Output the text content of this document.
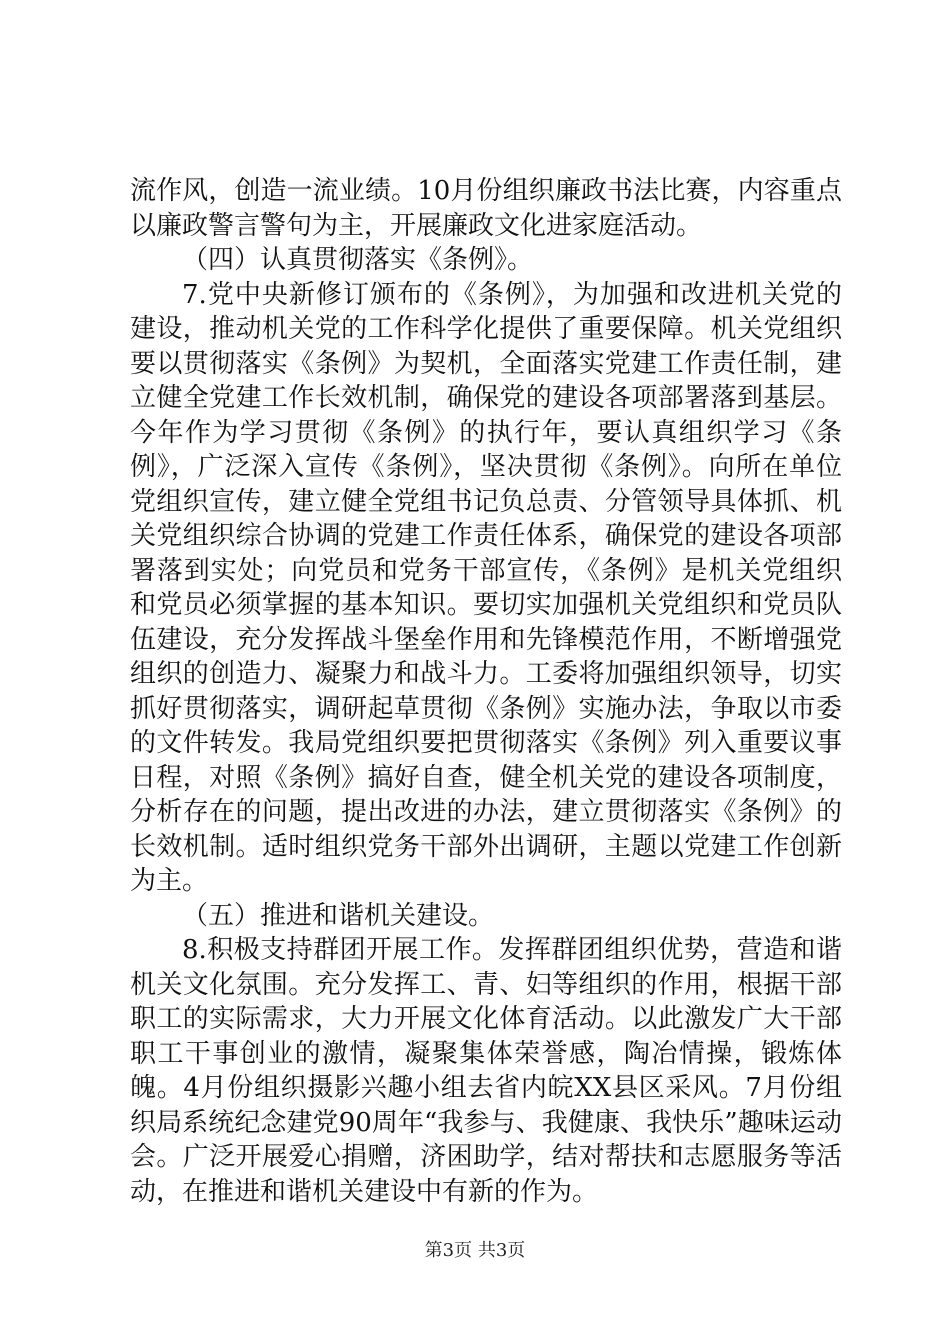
流作风，创造一流业绩。10月份组织廉政书法比赛，内容重点以廉政警言警句为主，开展廉政文化进家庭活动。

（四）认真贯彻落实《条例》。

7.党中央新修订颁布的《条例》，为加强和改进机关党的建设，推动机关党的工作科学化提供了重要保障。机关党组织要以贯彻落实《条例》为契机，全面落实党建工作责任制，建立健全党建工作长效机制，确保党的建设各项部署落到基层。今年作为学习贯彻《条例》的执行年，要认真组织学习《条例》，广泛深入宣传《条例》，坚决贯彻《条例》。向所在单位党组织宣传，建立健全党组书记负总责、分管领导具体抓、机关党组织综合协调的党建工作责任体系，确保党的建设各项部署落到实处；向党员和党务干部宣传，《条例》是机关党组织和党员必须掌握的基本知识。要切实加强机关党组织和党员队伍建设，充分发挥战斗堡垒作用和先锋模范作用，不断增强党组织的创造力、凝聚力和战斗力。工委将加强组织领导，切实抓好贯彻落实，调研起草贯彻《条例》实施办法，争取以市委的文件转发。我局党组织要把贯彻落实《条例》列入重要议事日程，对照《条例》搞好自查，健全机关党的建设各项制度，分析存在的问题，提出改进的办法，建立贯彻落实《条例》的长效机制。适时组织党务干部外出调研，主题以党建工作创新为主。

（五）推进和谐机关建设。

8.积极支持群团开展工作。发挥群团组织优势，营造和谐机关文化氛围。充分发挥工、青、妇等组织的作用，根据干部职工的实际需求，大力开展文化体育活动。以此激发广大干部职工干事创业的激情，凝聚集体荣誉感，陶冶情操，锻炼体魄。4月份组织摄影兴趣小组去省内皖XX县区采风。7月份组织局系统纪念建党90周年“我参与、我健康、我快乐”趣味运动会。广泛开展爱心捐赠，济困助学，结对帮扶和志愿服务等活动，在推进和谐机关建设中有新的作为。

第3页 共3页
